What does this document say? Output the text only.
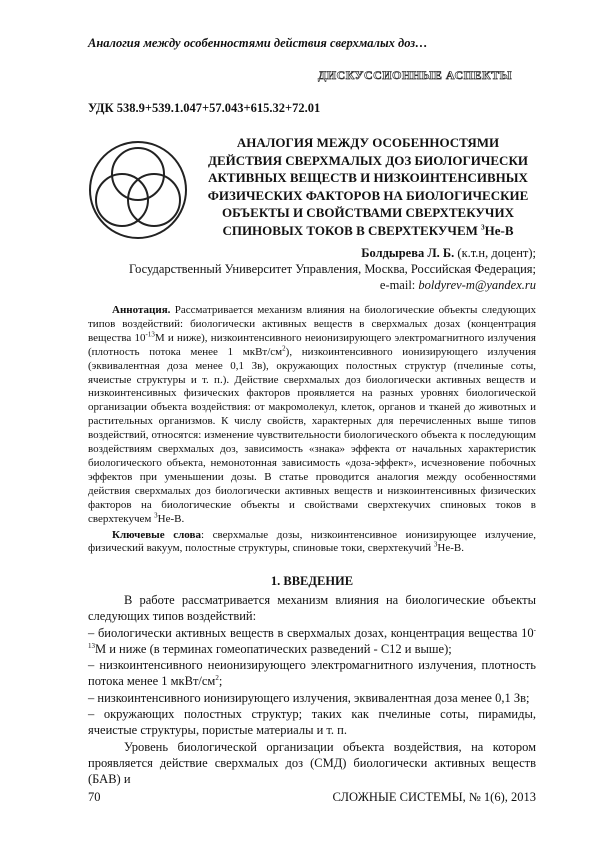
Аналогия между особенностями действия сверхмалых доз…
ДИСКУССИОННЫЕ АСПЕКТЫ
УДК 538.9+539.1.047+57.043+615.32+72.01
АНАЛОГИЯ МЕЖДУ ОСОБЕННОСТЯМИ ДЕЙСТВИЯ СВЕРХМАЛЫХ ДОЗ БИОЛОГИЧЕСКИ АКТИВНЫХ ВЕЩЕСТВ И НИЗКОИНТЕНСИВНЫХ ФИЗИЧЕСКИХ ФАКТОРОВ НА БИОЛОГИЧЕСКИЕ ОБЪЕКТЫ И СВОЙСТВАМИ СВЕРХТЕКУЧИХ СПИНОВЫХ ТОКОВ В СВЕРХТЕКУЧЕМ $^3$He-B
Болдырева Л. Б. (к.т.н, доцент);
Государственный Университет Управления, Москва, Российская Федерация;
e-mail: boldyrev-m@yandex.ru

Аннотация. Рассматривается механизм влияния на биологические объекты следующих типов воздействий: биологически активных веществ в сверхмалых дозах (концентрация вещества $10^{-13}М$ и ниже), низкоинтенсивного неионизирующего электромагнитного излучения (плотность потока менее 1 мкВт/$см^2$), низкоинтенсивного ионизирующего излучения (эквивалентная доза менее 0,1 Зв), окружающих полостных структур (пчелиные соты, ячеистые структуры и т. п.). Действие сверхмалых доз биологически активных веществ и низкоинтенсивных физических факторов проявляется на разных уровнях биологической организации объекта воздействия: от макромолекул, клеток, органов и тканей до животных и растительных организмов. К числу свойств, характерных для перечисленных выше типов воздействий, относятся: изменение чувствительности биологического объекта к последующим воздействиям сверхмалых доз, зависимость «знака» эффекта от начальных характеристик биологического объекта, немонотонная зависимость «доза-эффект», исчезновение побочных эффектов при уменьшении дозы. В статье проводится аналогия между особенностями действия сверхмалых доз биологически активных веществ и низкоинтенсивных физических факторов на биологические объекты и свойствами сверхтекучих спиновых токов в сверхтекучем $^3$Не-В.

Ключевые слова: сверхмалые дозы, низкоинтенсивное ионизирующее излучение, физический вакуум, полостные структуры, спиновые токи, сверхтекучий $^3$Не-В.

1. ВВЕДЕНИЕ

В работе рассматривается механизм влияния на биологические объекты следующих типов воздействий:

– биологически активных веществ в сверхмалых дозах, концентрация вещества $10^{-13}М$ и ниже (в терминах гомеопатических разведений - С12 и выше);

– низкоинтенсивного неионизирующего электромагнитного излучения, плотность потока менее 1 мкВт/$см^2$;

– низкоинтенсивного ионизирующего излучения, эквивалентная доза менее 0,1 Зв;

– окружающих полостных структур; таких как пчелиные соты, пирамиды, ячеистые структуры, пористые материалы и т. п.

Уровень биологической организации объекта воздействия, на котором проявляется действие сверхмалых доз (СМД) биологически активных веществ (БАВ) и

70	СЛОЖНЫЕ СИСТЕМЫ, № 1(6), 2013
